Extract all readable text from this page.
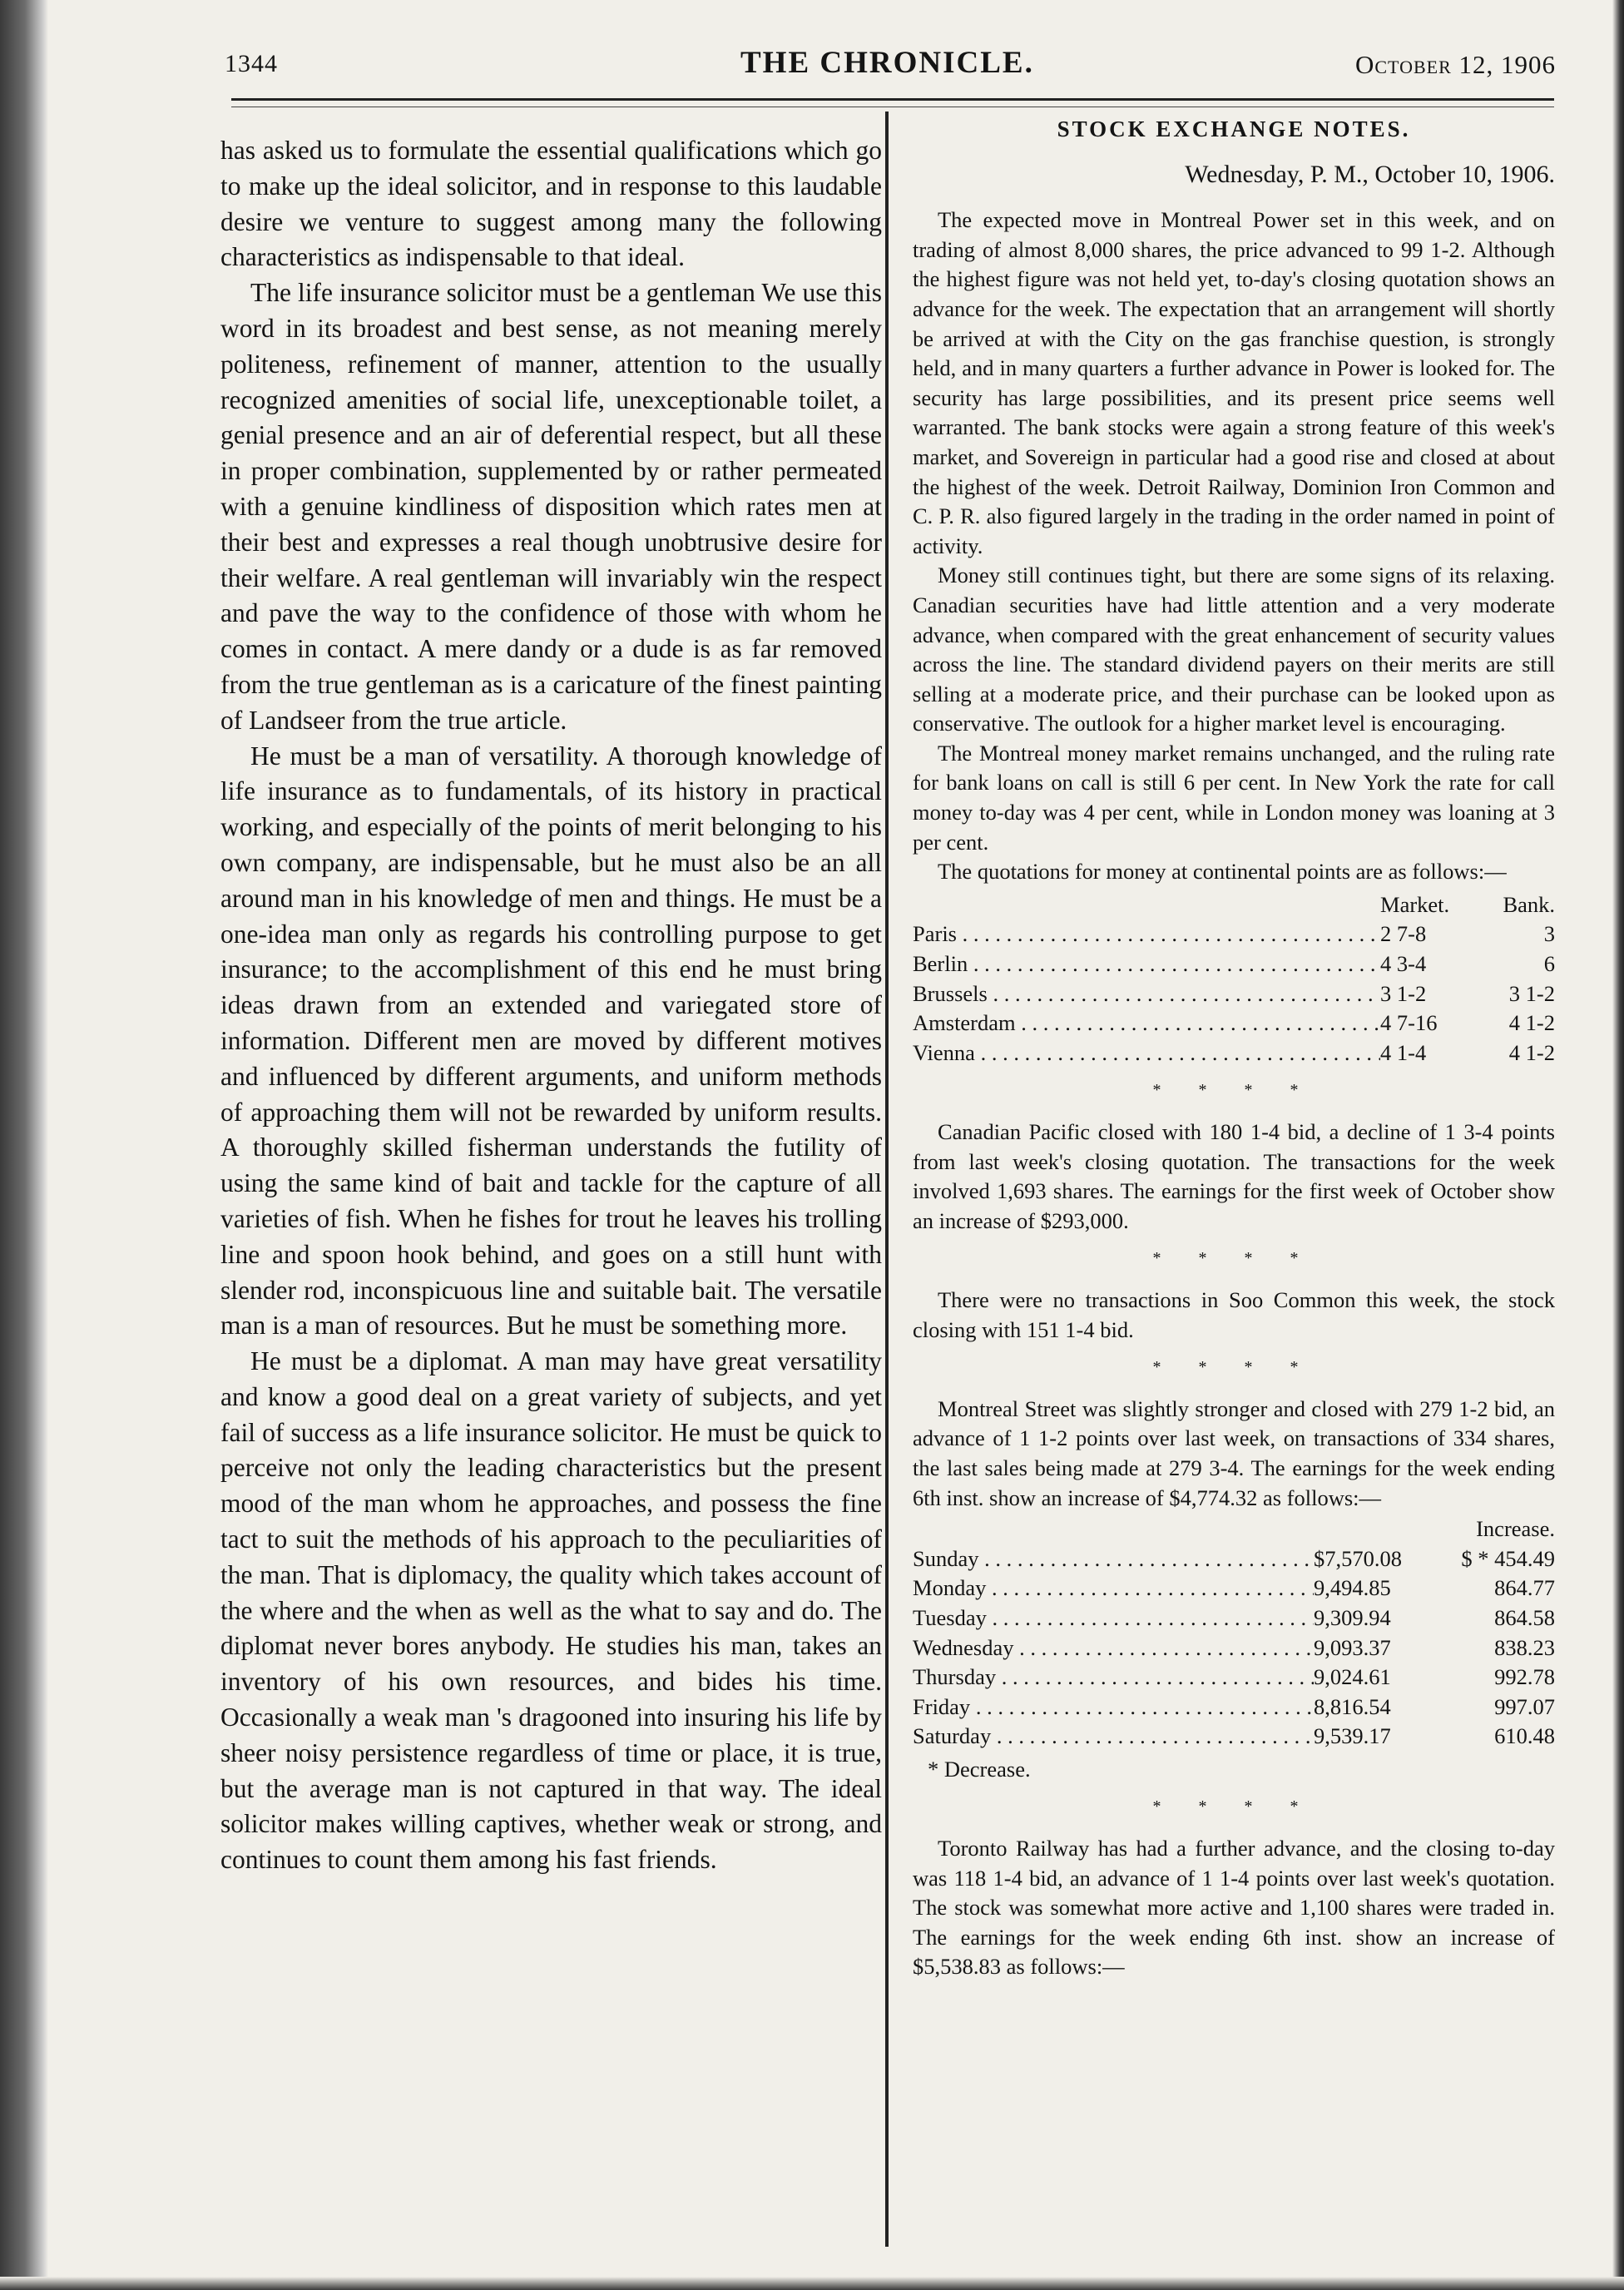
1344	THE CHRONICLE.	October 12, 1906

has asked us to formulate the essential qualifications which go to make up the ideal solicitor, and in response to this laudable desire we venture to suggest among many the following characteristics as indispensable to that ideal.

The life insurance solicitor must be a gentleman We use this word in its broadest and best sense, as not meaning merely politeness, refinement of manner, attention to the usually recognized amenities of social life, unexceptionable toilet, a genial presence and an air of deferential respect, but all these in proper combination, supplemented by or rather permeated with a genuine kindliness of disposition which rates men at their best and expresses a real though unobtrusive desire for their welfare. A real gentleman will invariably win the respect and pave the way to the confidence of those with whom he comes in contact. A mere dandy or a dude is as far removed from the true gentleman as is a caricature of the finest painting of Landseer from the true article.

He must be a man of versatility. A thorough knowledge of life insurance as to fundamentals, of its history in practical working, and especially of the points of merit belonging to his own company, are indispensable, but he must also be an all around man in his knowledge of men and things. He must be a one-idea man only as regards his controlling purpose to get insurance; to the accomplishment of this end he must bring ideas drawn from an extended and variegated store of information. Different men are moved by different motives and influenced by different arguments, and uniform methods of approaching them will not be rewarded by uniform results. A thoroughly skilled fisherman understands the futility of using the same kind of bait and tackle for the capture of all varieties of fish. When he fishes for trout he leaves his trolling line and spoon hook behind, and goes on a still hunt with slender rod, inconspicuous line and suitable bait. The versatile man is a man of resources. But he must be something more.

He must be a diplomat. A man may have great versatility and know a good deal on a great variety of subjects, and yet fail of success as a life insurance solicitor. He must be quick to perceive not only the leading characteristics but the present mood of the man whom he approaches, and possess the fine tact to suit the methods of his approach to the peculiarities of the man. That is diplomacy, the quality which takes account of the where and the when as well as the what to say and do. The diplomat never bores anybody. He studies his man, takes an inventory of his own resources, and bides his time. Occasionally a weak man 's dragooned into insuring his life by sheer noisy persistence regardless of time or place, it is true, but the average man is not captured in that way. The ideal solicitor makes willing captives, whether weak or strong, and continues to count them among his fast friends.

STOCK EXCHANGE NOTES.
Wednesday, P. M., October 10, 1906.

The expected move in Montreal Power set in this week, and on trading of almost 8,000 shares, the price advanced to 99 1-2. Although the highest figure was not held yet, to-day's closing quotation shows an advance for the week. The expectation that an arrangement will shortly be arrived at with the City on the gas franchise question, is strongly held, and in many quarters a further advance in Power is looked for. The security has large possibilities, and its present price seems well warranted. The bank stocks were again a strong feature of this week's market, and Sovereign in particular had a good rise and closed at about the highest of the week. Detroit Railway, Dominion Iron Common and C. P. R. also figured largely in the trading in the order named in point of activity.

Money still continues tight, but there are some signs of its relaxing. Canadian securities have had little attention and a very moderate advance, when compared with the great enhancement of security values across the line. The standard dividend payers on their merits are still selling at a moderate price, and their purchase can be looked upon as conservative. The outlook for a higher market level is encouraging.

The Montreal money market remains unchanged, and the ruling rate for bank loans on call is still 6 per cent. In New York the rate for call money to-day was 4 per cent, while in London money was loaning at 3 per cent.

The quotations for money at continental points are as follows:—

Market.	Bank.
Paris . . .	2 7-8	3
Berlin . . .	4 3-4	6
Brussels . . .	3 1-2	3 1-2
Amsterdam . . .	4 7-16	4 1-2
Vienna . . .	4 1-4	4 1-2
* * * *

Canadian Pacific closed with 180 1-4 bid, a decline of 1 3-4 points from last week's closing quotation. The transactions for the week involved 1,693 shares. The earnings for the first week of October show an increase of $293,000.

* * * *

There were no transactions in Soo Common this week, the stock closing with 151 1-4 bid.

* * * *

Montreal Street was slightly stronger and closed with 279 1-2 bid, an advance of 1 1-2 points over last week, on transactions of 334 shares, the last sales being made at 279 3-4. The earnings for the week ending 6th inst. show an increase of $4,774.32 as follows:—

Increase.
Sunday . . .	$7,570.08	$ * 454.49
Monday . . .	9,494.85	864.77
Tuesday . . .	9,309.94	864.58
Wednesday . . .	9,093.37	838.23
Thursday . . .	9,024.61	992.78
Friday . . .	8,816.54	997.07
Saturday . . .	9,539.17	610.48
* Decrease.
* * * *

Toronto Railway has had a further advance, and the closing to-day was 118 1-4 bid, an advance of 1 1-4 points over last week's quotation. The stock was somewhat more active and 1,100 shares were traded in. The earnings for the week ending 6th inst. show an increase of $5,538.83 as follows:—
